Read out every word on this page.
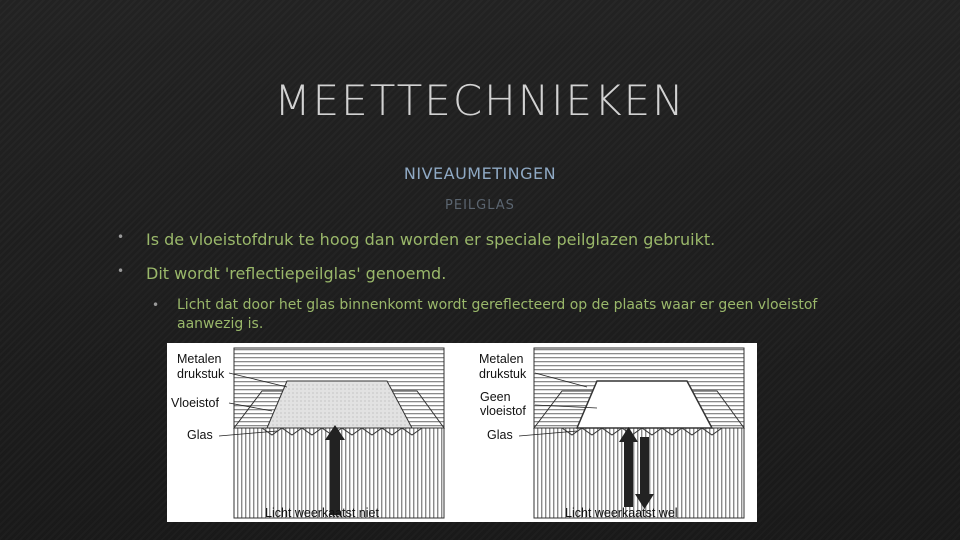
MEETTECHNIEKEN
NIVEAUMETINGEN
PEILGLAS
• Is de vloeistofdruk te hoog dan worden er speciale peilglazen gebruikt.
• Dit wordt 'reflectiepeilglas' genoemd.
• Licht dat door het glas binnenkomt wordt gereflecteerd op de plaats waar er geen vloeistof aanwezig is.
Metalen
drukstuk
Vloeistof
Glas
Licht weerkaatst niet
Metalen
drukstuk
Geen
vloeistof
Glas
Licht weerkaatst wel
